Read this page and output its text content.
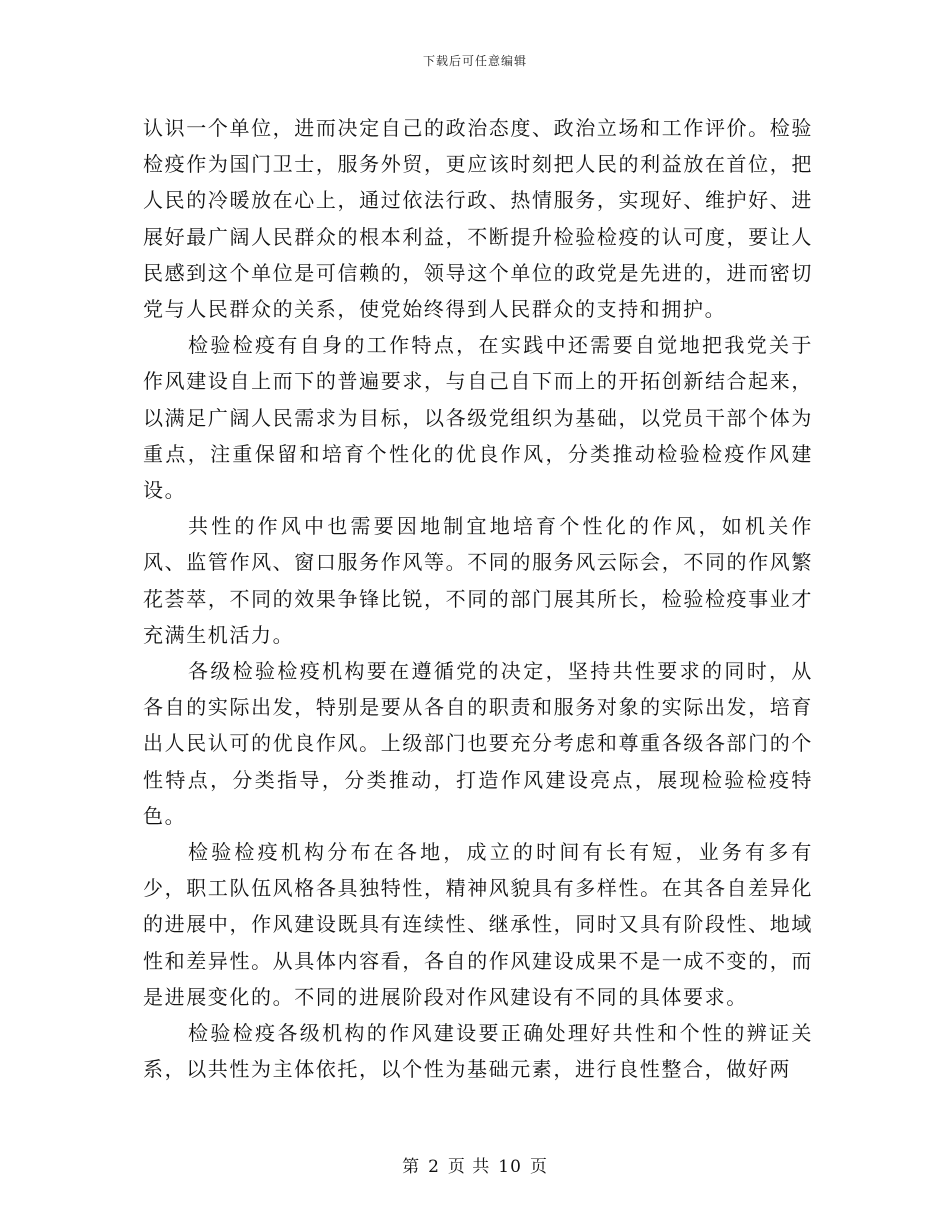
下载后可任意编辑

认识一个单位，进而决定自己的政治态度、政治立场和工作评价。检验检疫作为国门卫士，服务外贸，更应该时刻把人民的利益放在首位，把人民的冷暖放在心上，通过依法行政、热情服务，实现好、维护好、进展好最广阔人民群众的根本利益，不断提升检验检疫的认可度，要让人民感到这个单位是可信赖的，领导这个单位的政党是先进的，进而密切党与人民群众的关系，使党始终得到人民群众的支持和拥护。

检验检疫有自身的工作特点，在实践中还需要自觉地把我党关于作风建设自上而下的普遍要求，与自己自下而上的开拓创新结合起来，以满足广阔人民需求为目标，以各级党组织为基础，以党员干部个体为重点，注重保留和培育个性化的优良作风，分类推动检验检疫作风建设。

共性的作风中也需要因地制宜地培育个性化的作风，如机关作风、监管作风、窗口服务作风等。不同的服务风云际会，不同的作风繁花荟萃，不同的效果争锋比锐，不同的部门展其所长，检验检疫事业才充满生机活力。

各级检验检疫机构要在遵循党的决定，坚持共性要求的同时，从各自的实际出发，特别是要从各自的职责和服务对象的实际出发，培育出人民认可的优良作风。上级部门也要充分考虑和尊重各级各部门的个性特点，分类指导，分类推动，打造作风建设亮点，展现检验检疫特色。

检验检疫机构分布在各地，成立的时间有长有短，业务有多有少，职工队伍风格各具独特性，精神风貌具有多样性。在其各自差异化的进展中，作风建设既具有连续性、继承性，同时又具有阶段性、地域性和差异性。从具体内容看，各自的作风建设成果不是一成不变的，而是进展变化的。不同的进展阶段对作风建设有不同的具体要求。

检验检疫各级机构的作风建设要正确处理好共性和个性的辨证关系，以共性为主体依托，以个性为基础元素，进行良性整合，做好两

第 2 页 共 10 页
